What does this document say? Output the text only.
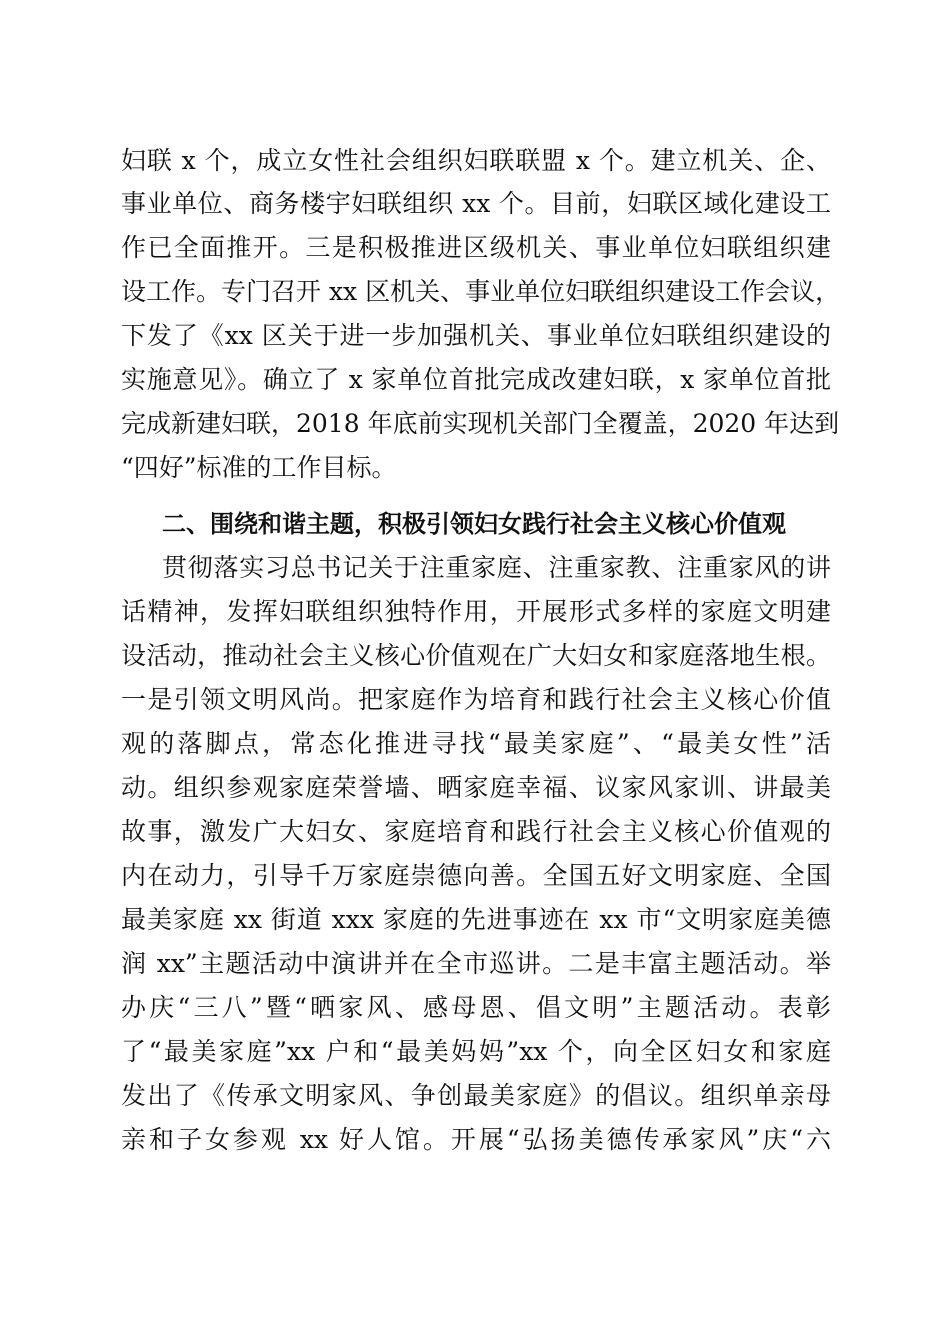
妇联 x 个，成立女性社会组织妇联联盟 x 个。建立机关、企、
事业单位、商务楼宇妇联组织 xx 个。目前，妇联区域化建设工
作已全面推开。三是积极推进区级机关、事业单位妇联组织建
设工作。专门召开 xx 区机关、事业单位妇联组织建设工作会议，
下发了《xx 区关于进一步加强机关、事业单位妇联组织建设的
实施意见》。确立了 x 家单位首批完成改建妇联，x 家单位首批
完成新建妇联，2018 年底前实现机关部门全覆盖，2020 年达到
“四好”标准的工作目标。
二、围绕和谐主题，积极引领妇女践行社会主义核心价值观
贯彻落实习总书记关于注重家庭、注重家教、注重家风的讲
话精神，发挥妇联组织独特作用，开展形式多样的家庭文明建
设活动，推动社会主义核心价值观在广大妇女和家庭落地生根。
一是引领文明风尚。把家庭作为培育和践行社会主义核心价值
观的落脚点，常态化推进寻找“最美家庭”、“最美女性”活
动。组织参观家庭荣誉墙、晒家庭幸福、议家风家训、讲最美
故事，激发广大妇女、家庭培育和践行社会主义核心价值观的
内在动力，引导千万家庭崇德向善。全国五好文明家庭、全国
最美家庭 xx 街道 xxx 家庭的先进事迹在 xx 市“文明家庭美德
润 xx”主题活动中演讲并在全市巡讲。二是丰富主题活动。举
办庆“三八”暨“晒家风、感母恩、倡文明”主题活动。表彰
了“最美家庭”xx 户和“最美妈妈”xx 个，向全区妇女和家庭
发出了《传承文明家风、争创最美家庭》的倡议。组织单亲母
亲和子女参观 xx 好人馆。开展“弘扬美德传承家风”庆“六
